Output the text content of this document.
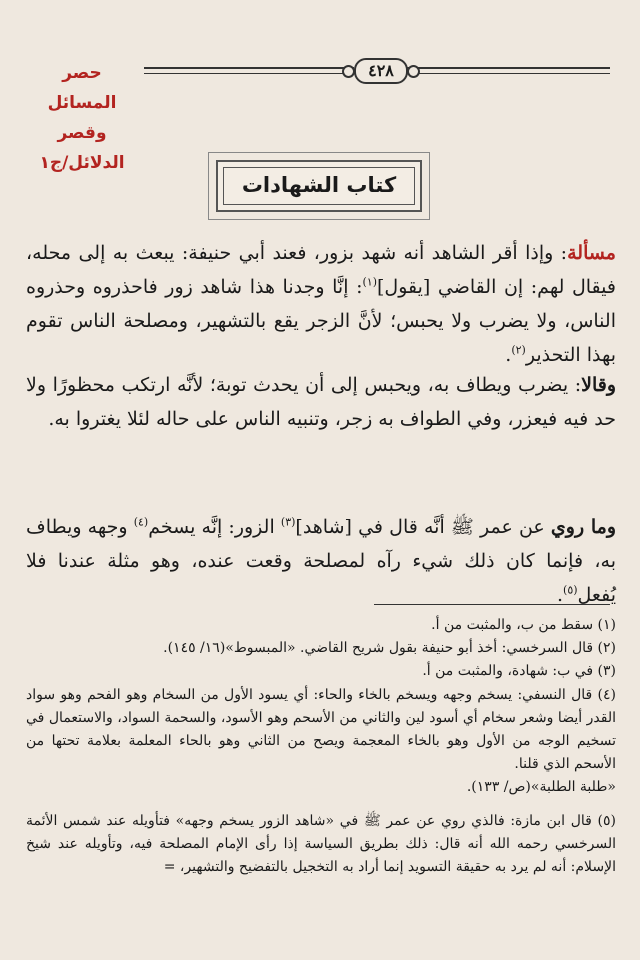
حصر المسائل وقصر الدلائل/ج١
٤٢٨
كتاب الشهادات
مسألة: وإذا أقر الشاهد أنه شهد بزور، فعند أبي حنيفة: يبعث به إلى محله، فيقال لهم: إن القاضي [يقول]$^{(١)}$: إنَّا وجدنا هذا شاهد زور فاحذروه وحذروه الناس، ولا يضرب ولا يحبس؛ لأنَّ الزجر يقع بالتشهير، ومصلحة الناس تقوم بهذا التحذير$^{(٢)}$.
وقالا: يضرب ويطاف به، ويحبس إلى أن يحدث توبة؛ لأنَّه ارتكب محظورًا ولا حد فيه فيعزر، وفي الطواف به زجر، وتنبيه الناس على حاله لئلا يغتروا به.
وما روي عن عمر ﷺ أنَّه قال في [شاهد]$^{(٣)}$ الزور: إنَّه يسخم$^{(٤)}$ وجهه ويطاف به، فإنما كان ذلك شيء رآه لمصلحة وقعت عنده، وهو مثلة عندنا فلا يُفعل$^{(٥)}$.
(١) سقط من ب، والمثبت من أ.
(٢) قال السرخسي: أخذ أبو حنيفة بقول شريح القاضي. «المبسوط»(١٦/ ١٤٥).
(٣) في ب: شهادة، والمثبت من أ.
(٤) قال النسفي: يسخم وجهه ويسخم بالخاء والحاء: أي يسود الأول من السخام وهو الفحم وهو سواد القدر أيضا وشعر سخام أي أسود لين والثاني من الأسحم وهو الأسود، والسحمة السواد، والاستعمال في تسخيم الوجه من الأول وهو بالخاء المعجمة ويصح من الثاني وهو بالحاء المعلمة بعلامة تحتها من الأسحم الذي قلنا.
«طلبة الطلبة»(ص/ ١٣٣).
(٥) قال ابن مازة: فالذي روي عن عمر ﷺ في «شاهد الزور يسخم وجهه» فتأويله عند شمس الأئمة السرخسي رحمه الله أنه قال: ذلك بطريق السياسة إذا رأى الإمام المصلحة فيه، وتأويله عند شيخ الإسلام: أنه لم يرد به حقيقة التسويد إنما أراد به التخجيل بالتفضيح والتشهير، =
